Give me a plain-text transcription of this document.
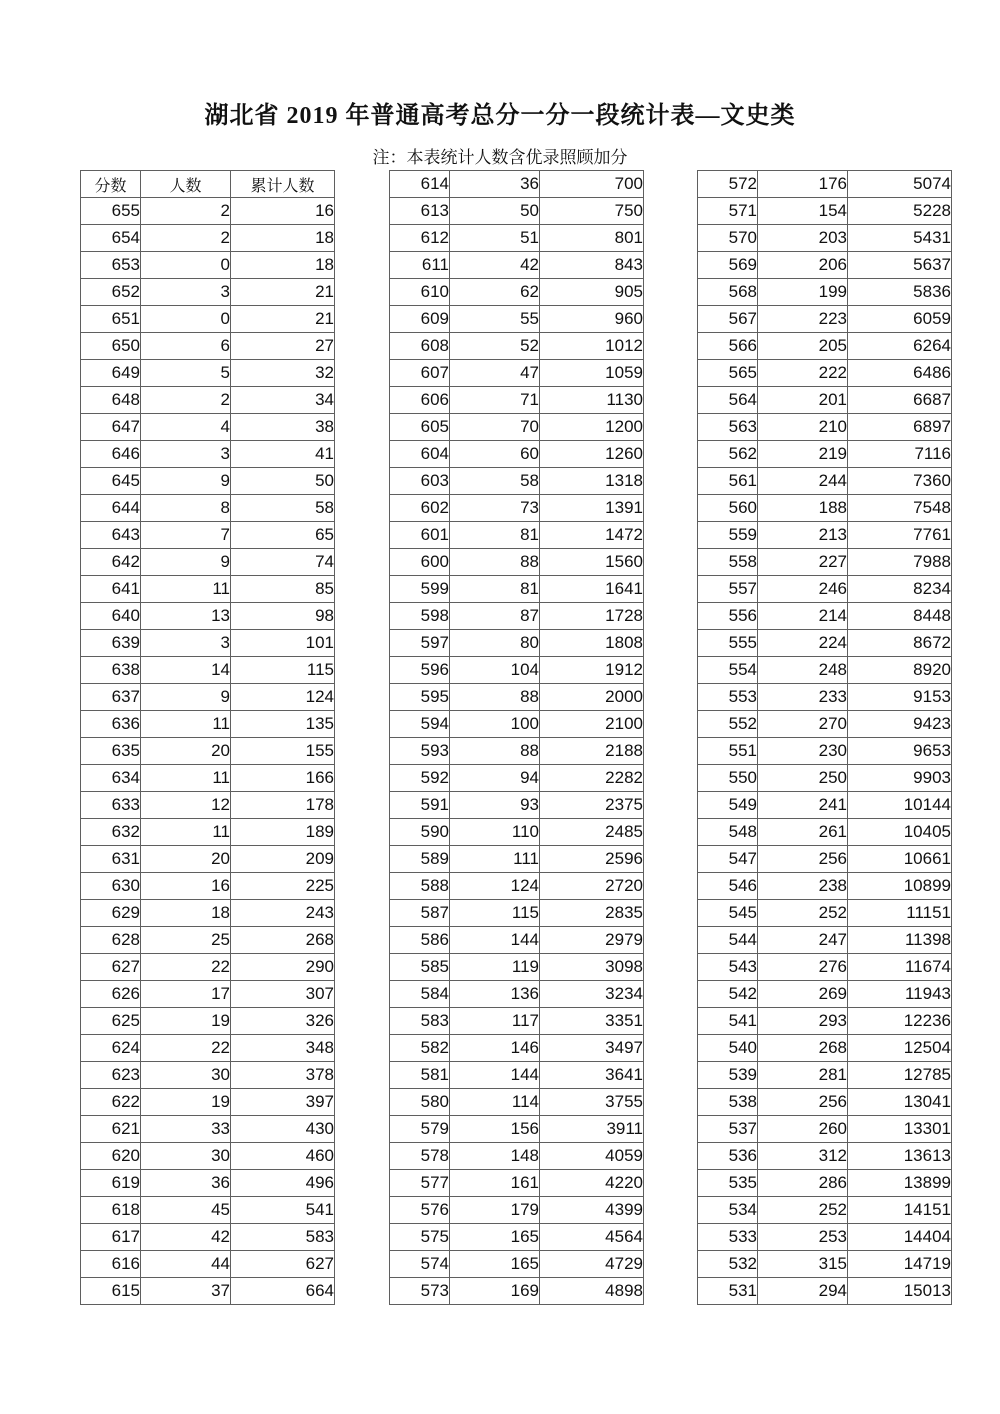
湖北省 2019 年普通高考总分一分一段统计表—文史类
注：本表统计人数含优录照顾加分
分数	人数	累计人数
655	2	16
654	2	18
653	0	18
652	3	21
651	0	21
650	6	27
649	5	32
648	2	34
647	4	38
646	3	41
645	9	50
644	8	58
643	7	65
642	9	74
641	11	85
640	13	98
639	3	101
638	14	115
637	9	124
636	11	135
635	20	155
634	11	166
633	12	178
632	11	189
631	20	209
630	16	225
629	18	243
628	25	268
627	22	290
626	17	307
625	19	326
624	22	348
623	30	378
622	19	397
621	33	430
620	30	460
619	36	496
618	45	541
617	42	583
616	44	627
615	37	664
614	36	700
613	50	750
612	51	801
611	42	843
610	62	905
609	55	960
608	52	1012
607	47	1059
606	71	1130
605	70	1200
604	60	1260
603	58	1318
602	73	1391
601	81	1472
600	88	1560
599	81	1641
598	87	1728
597	80	1808
596	104	1912
595	88	2000
594	100	2100
593	88	2188
592	94	2282
591	93	2375
590	110	2485
589	111	2596
588	124	2720
587	115	2835
586	144	2979
585	119	3098
584	136	3234
583	117	3351
582	146	3497
581	144	3641
580	114	3755
579	156	3911
578	148	4059
577	161	4220
576	179	4399
575	165	4564
574	165	4729
573	169	4898
572	176	5074
571	154	5228
570	203	5431
569	206	5637
568	199	5836
567	223	6059
566	205	6264
565	222	6486
564	201	6687
563	210	6897
562	219	7116
561	244	7360
560	188	7548
559	213	7761
558	227	7988
557	246	8234
556	214	8448
555	224	8672
554	248	8920
553	233	9153
552	270	9423
551	230	9653
550	250	9903
549	241	10144
548	261	10405
547	256	10661
546	238	10899
545	252	11151
544	247	11398
543	276	11674
542	269	11943
541	293	12236
540	268	12504
539	281	12785
538	256	13041
537	260	13301
536	312	13613
535	286	13899
534	252	14151
533	253	14404
532	315	14719
531	294	15013
